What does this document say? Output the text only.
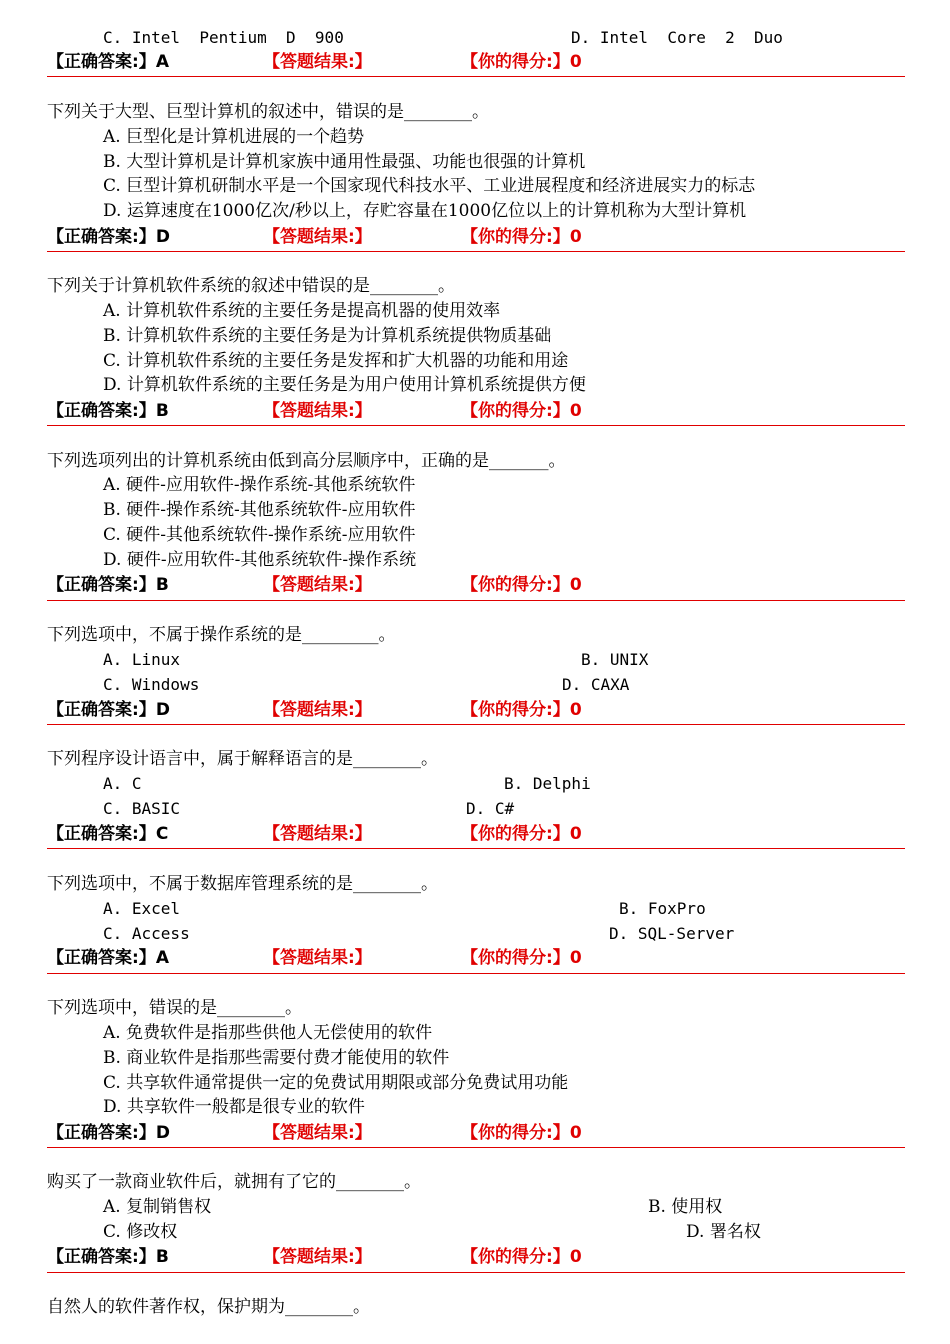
C. Intel  Pentium  D  900	D. Intel  Core  2  Duo
【正确答案:】A	【答题结果:】	【你的得分:】0
下列关于大型、巨型计算机的叙述中，错误的是________。
A. 巨型化是计算机进展的一个趋势
B. 大型计算机是计算机家族中通用性最强、功能也很强的计算机
C. 巨型计算机研制水平是一个国家现代科技水平、工业进展程度和经济进展实力的标志
D. 运算速度在1000亿次/秒以上，存贮容量在1000亿位以上的计算机称为大型计算机
【正确答案:】D	【答题结果:】	【你的得分:】0
下列关于计算机软件系统的叙述中错误的是________。
A. 计算机软件系统的主要任务是提高机器的使用效率
B. 计算机软件系统的主要任务是为计算机系统提供物质基础
C. 计算机软件系统的主要任务是发挥和扩大机器的功能和用途
D. 计算机软件系统的主要任务是为用户使用计算机系统提供方便
【正确答案:】B	【答题结果:】	【你的得分:】0
下列选项列出的计算机系统由低到高分层顺序中，正确的是_______。
A. 硬件-应用软件-操作系统-其他系统软件
B. 硬件-操作系统-其他系统软件-应用软件
C. 硬件-其他系统软件-操作系统-应用软件
D. 硬件-应用软件-其他系统软件-操作系统
【正确答案:】B	【答题结果:】	【你的得分:】0
下列选项中，不属于操作系统的是_________。
A. Linux	B. UNIX
C. Windows	D. CAXA
【正确答案:】D	【答题结果:】	【你的得分:】0
下列程序设计语言中，属于解释语言的是________。
A. C	B. Delphi
C. BASIC	D. C#
【正确答案:】C	【答题结果:】	【你的得分:】0
下列选项中，不属于数据库管理系统的是________。
A. Excel	B. FoxPro
C. Access	D. SQL-Server
【正确答案:】A	【答题结果:】	【你的得分:】0
下列选项中，错误的是________。
A. 免费软件是指那些供他人无偿使用的软件
B. 商业软件是指那些需要付费才能使用的软件
C. 共享软件通常提供一定的免费试用期限或部分免费试用功能
D. 共享软件一般都是很专业的软件
【正确答案:】D	【答题结果:】	【你的得分:】0
购买了一款商业软件后，就拥有了它的________。
A. 复制销售权	B. 使用权
C. 修改权	D. 署名权
【正确答案:】B	【答题结果:】	【你的得分:】0
自然人的软件著作权，保护期为________。
